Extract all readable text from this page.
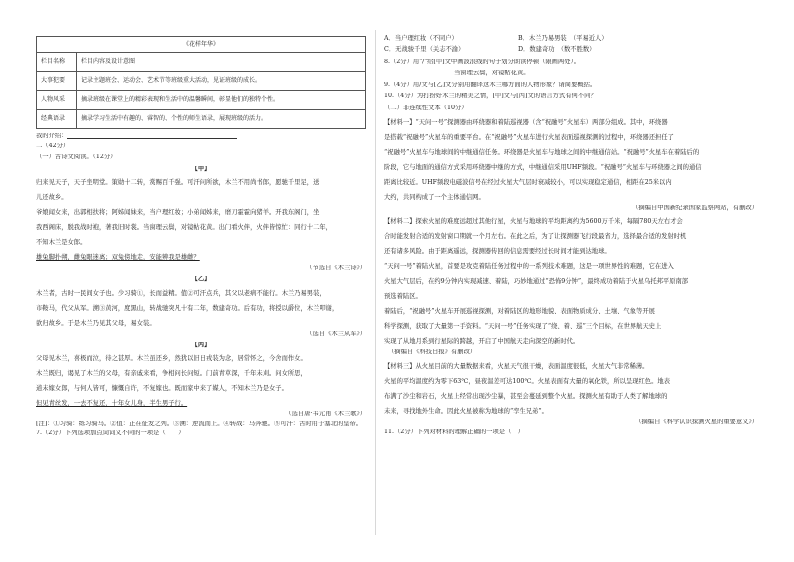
《花样年华》	
栏目名称	栏目内容及设计意图
大事犯要	记录主题班会、运动会、艺术节等班级重大活动，见证班级的成长。
人物风采	摘录班级在课堂上的精彩表现和生活中的温馨瞬间，彰显他们的独特个性。
经典语录	摘录学习生活中有趣的、睿智的、个性的师生语录，展现班级的活力。
我的介绍：
二（42分）
（一）古诗文阅读。（12分）
【甲】
归来见天子，天子坐明堂。策勋十二转，赏赐百千强。可汗问所欲，木兰不用尚书郎，愿驰千里足，送
儿还故乡。
爷娘闻女来，出郭相扶将；阿姊闻妹来，当户理红妆；小弟闻姊来，磨刀霍霍向猪羊。开我东阁门，坐
我西阁床，脱我战时袍，著我旧时裳。当窗理云鬓，对镜帖花黄。出门看火伴，火伴皆惊忙：同行十二年，
不知木兰是女郎。
雄兔脚扑朔，雌兔眼迷离；双兔傍地走，安能辨我是雄雌？
（节选自《木兰诗》）
【乙】
木兰者，古时一民间女子也。少习骑①，长而益精。值②可汗点兵，其父以老病不能行。木兰乃易男装，
市鞍马，代父从军。溯③黄河，度黑山，转战驰突凡十有二年，数建奇功。后有功，将授以爵位，木兰叩谢，
欲归故乡。于是木兰乃见其父母，易女装。
（选自《木兰从军》）
【丙】
父母见木兰，喜极而泣，待之甚厚。木兰虽还乡，然犹以旧日戎装为念，居常怀之，今舍而作女。
木兰既归，谒见了木兰的父母，有亲戚来看，争相问长问短。门前青草深，千年未刈。问女所思，
道未嫁女郎，与何人皆可，慷慨自许，不复嫁也。既而家中来了媒人，不知木兰乃是女子。
但见青丝发，一去不复还，十年女儿身，半生男子行。
（选自唐·韦元甫《木兰歌》）
[注]：①习骑：练习骑马。②值：正在征发之列。③溯：逆流而上。④转战：马奔驰。⑤可汗：古时用于塞北的皇帝。
7.（2分）下列选项加点词词义不同的一项是（　　）
A．当户理红妆（不同户）	B．木兰乃易男装　（平易近人）
C．无战骏千里（关志不渝）	D．数建奇功　（数不胜数）
8.（2分）用"/"给[甲]文中画波浪线的句子划分朗读停顿（限画两处）。
当窗理云鬓，对镜帖花黄。
9.（4分）用/文与[乙]文分别用翻译这木兰哪方面的人物形象？请简要概括。
10.（4分）为打扮好木兰的精美之情，[甲]文与[丙]文的语言方式有何不同？
（二）非连续性文本（10分）
【材料一】“天问一号”探测器由环绕器和着陆巡视器（含“祝融号”火星车）两部分组成。其中，环绕器
是搭载“祝融号”火星车的重要平台。在“祝融号”火星车进行火星表面巡视探测的过程中，环绕器还担任了
“祝融号”火星车与地球间的中继通信任务。环绕器是火星车与地球之间的中继通信站。“祝融号”火星车在着陆后的
阶段，它与地面的通信方式采用环绕器中继的方式，中继通信采用UHF频段。“祝融号”火星车与环绕器之间的通信
距离比较近。UHF频段电磁波信号在经过火星大气层时衰减较小，可以实现稳定通信，相距在25米以内
大约，共同构成了一个主体通信网。
（摘编自中国新纪录国家监察网站，有删改）
【材料二】探索火星的难度远超过其他行星，火星与地球的平均距离约为5600万千米，每隔780天左右才会
合时能发射合适的发射窗口期就一个月左右。在此之后，为了让探测器飞行段最省力，选择最合适的发射时机
还有诸多风险。由于距离遥远，探测器传回的信息需要经过长时间才能到达地球。
“天问一号”着陆火星，首要是攻克着陆任务过程中的一系列技术难题，这是一项世界性的难题，它在进入
火星大气层后，在约9分钟内实现减速、着陆，巧妙地通过“恐怖9分钟”，最终成功着陆于火星乌托邦平原南部
预选着陆区。
着陆后，“祝融号”火星车开展巡视探测，对着陆区的地形地貌、表面物质成分、土壤、气象等开展
科学探测，获取了大量第一手资料。“天问一号”任务实现了“绕、着、巡”三个目标，在世界航天史上
实现了从地月系到行星际的跨越，开启了中国航天走向深空的新时代。
（摘编自《科技日报》有删改）
【材料三】从火星目前的大量数据来看，火星天气很干燥，表面温度很低，火星大气非常稀薄。
火星的平均温度约为零下63℃，昼夜温差可达100℃。火星表面有大量的氧化铁，所以呈现红色。地表
布满了沙尘和岩石，火星上经常出现沙尘暴，甚至会蔓延到整个火星。探测火星有助于人类了解地球的
未来，寻找地外生命。因此火星被称为地球的“孪生兄弟”。
（摘编自《科学认识探测火星的重要意义》）
11.（2分）下列对材料的理解正确的一项是（　）
